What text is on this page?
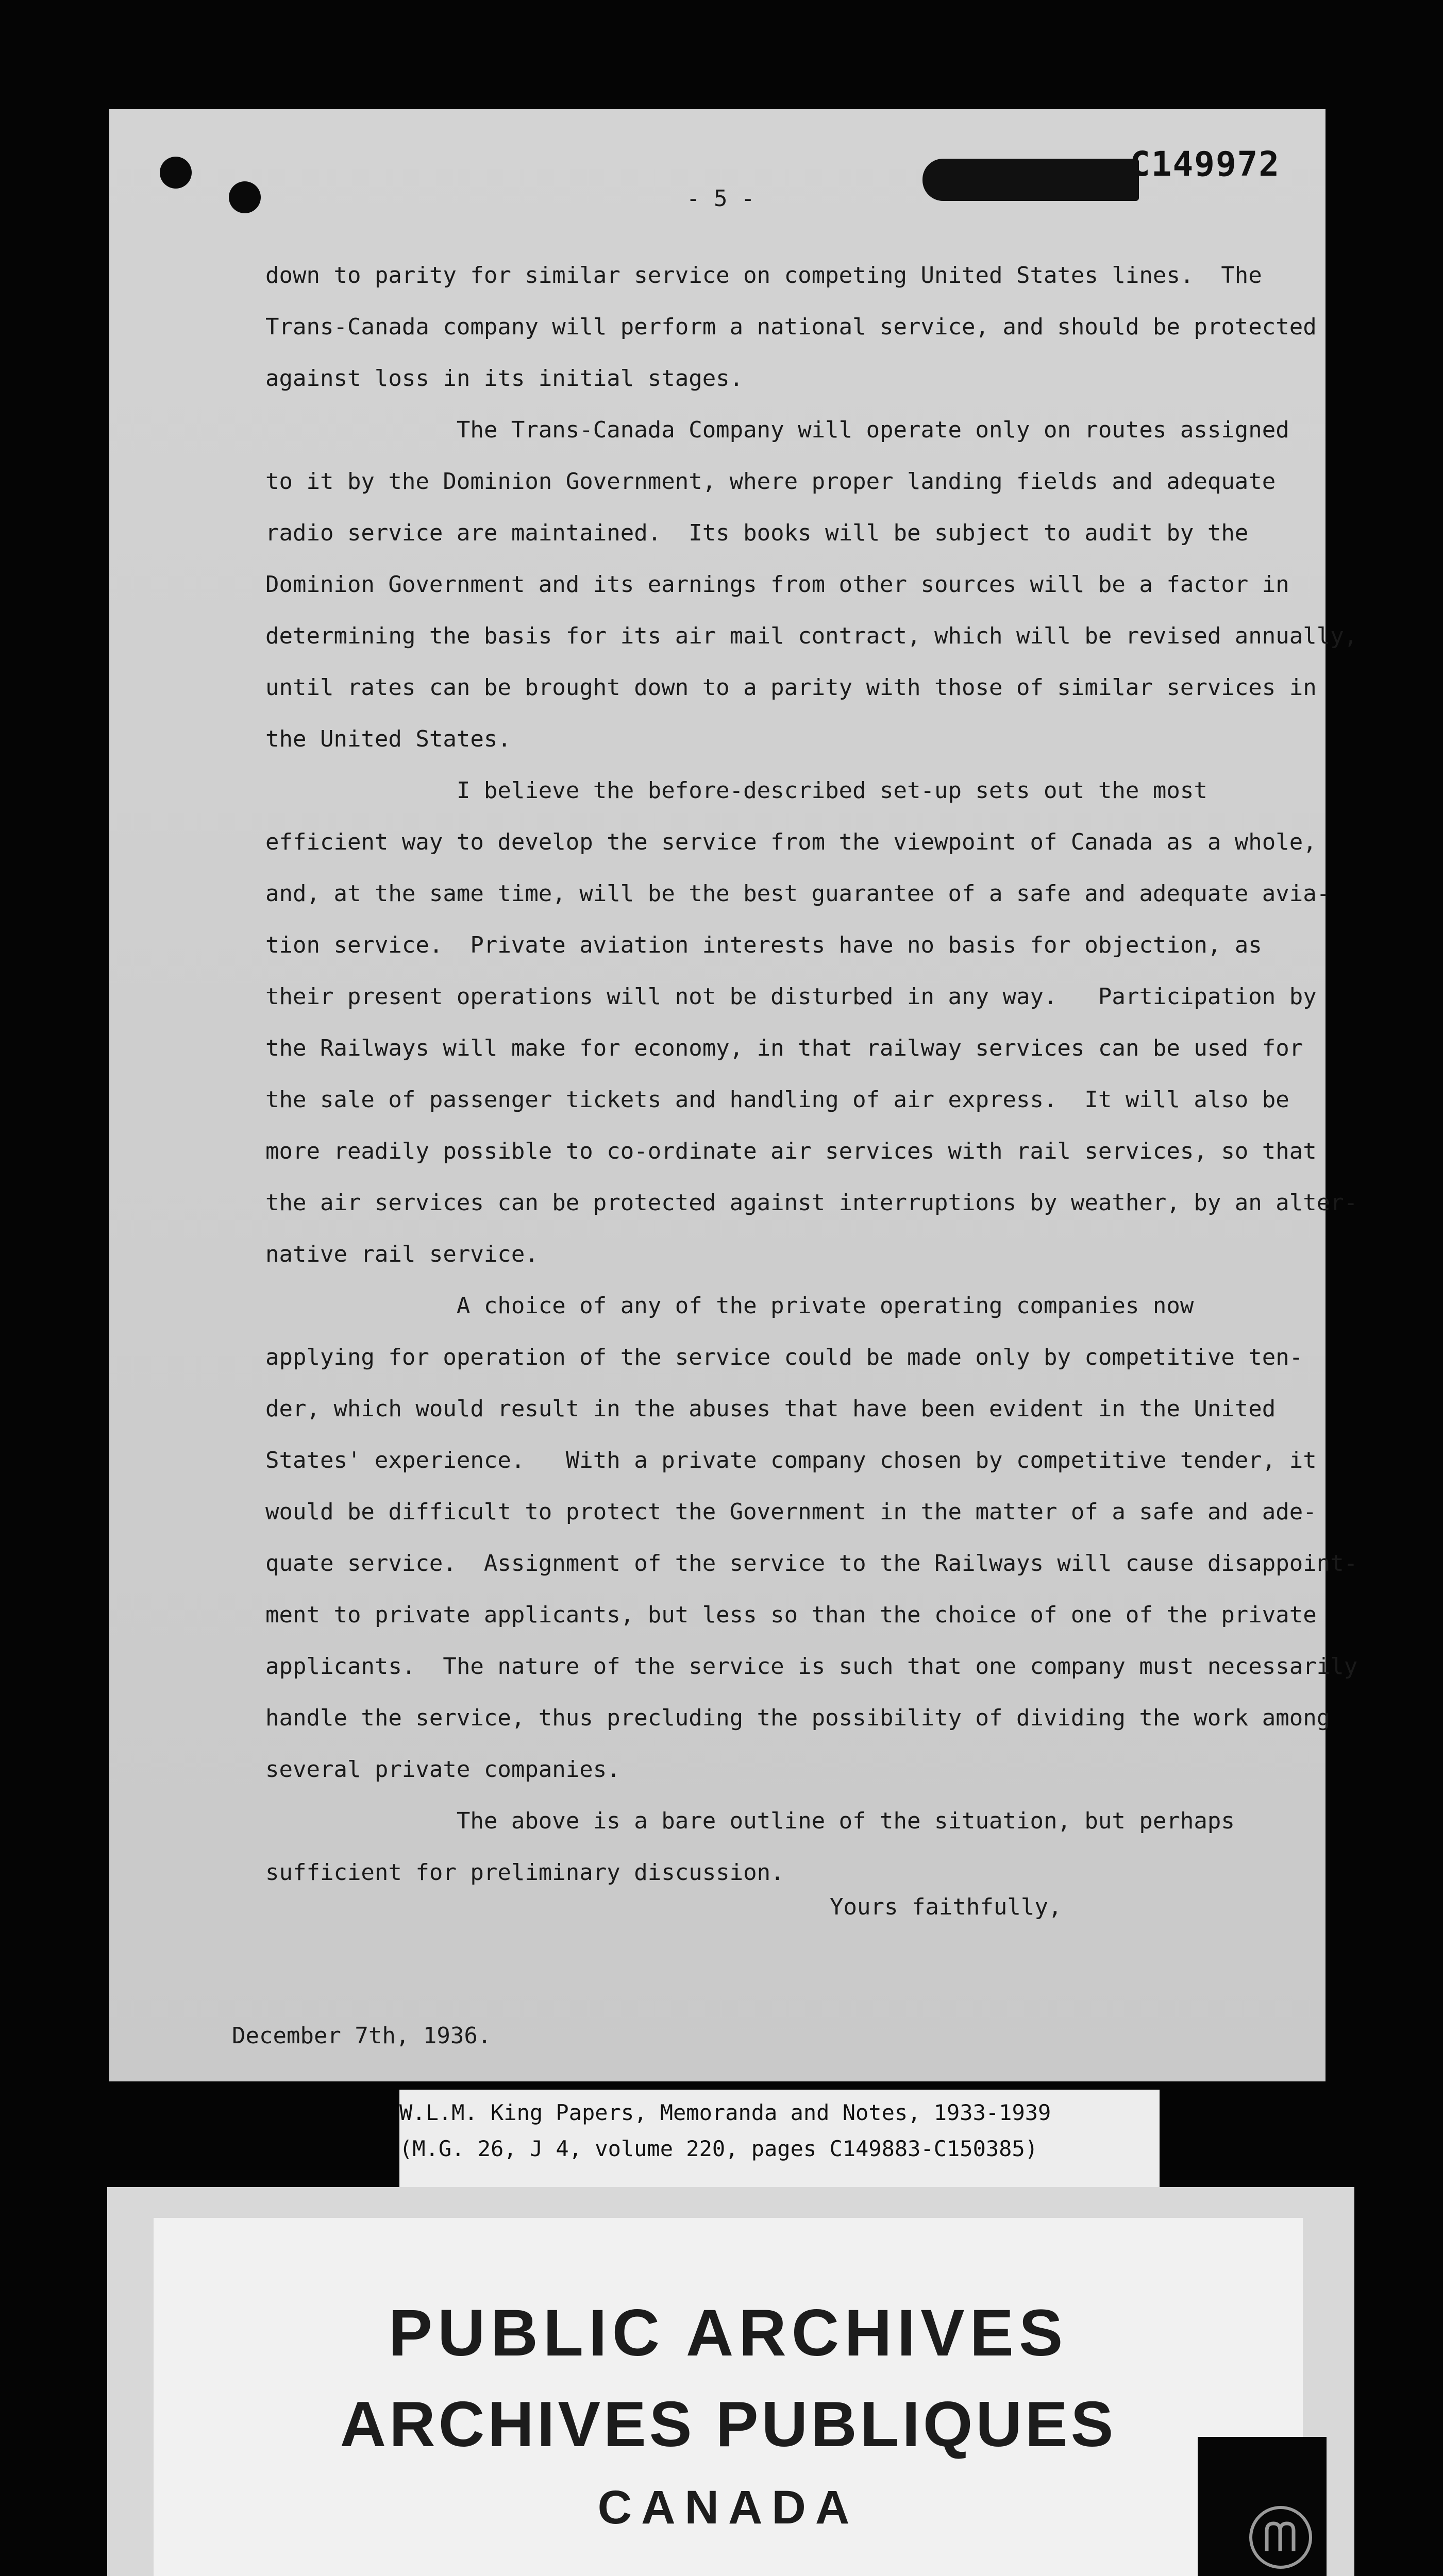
C149972
- 5 -
down to parity for similar service on competing United States lines.  The
Trans-Canada company will perform a national service, and should be protected
against loss in its initial stages.
The Trans-Canada Company will operate only on routes assigned
to it by the Dominion Government, where proper landing fields and adequate
radio service are maintained.  Its books will be subject to audit by the
Dominion Government and its earnings from other sources will be a factor in
determining the basis for its air mail contract, which will be revised annually,
until rates can be brought down to a parity with those of similar services in
the United States.
I believe the before-described set-up sets out the most
efficient way to develop the service from the viewpoint of Canada as a whole,
and, at the same time, will be the best guarantee of a safe and adequate avia-
tion service.  Private aviation interests have no basis for objection, as
their present operations will not be disturbed in any way.   Participation by
the Railways will make for economy, in that railway services can be used for
the sale of passenger tickets and handling of air express.  It will also be
more readily possible to co-ordinate air services with rail services, so that
the air services can be protected against interruptions by weather, by an alter-
native rail service.
A choice of any of the private operating companies now
applying for operation of the service could be made only by competitive ten-
der, which would result in the abuses that have been evident in the United
States' experience.   With a private company chosen by competitive tender, it
would be difficult to protect the Government in the matter of a safe and ade-
quate service.  Assignment of the service to the Railways will cause disappoint-
ment to private applicants, but less so than the choice of one of the private
applicants.  The nature of the service is such that one company must necessarily
handle the service, thus precluding the possibility of dividing the work among
several private companies.
The above is a bare outline of the situation, but perhaps
sufficient for preliminary discussion.
Yours faithfully,
December 7th, 1936.
W.L.M. King Papers, Memoranda and Notes, 1933-1939
(M.G. 26, J 4, volume 220, pages C149883-C150385)
PUBLIC ARCHIVES
ARCHIVES PUBLIQUES
CANADA
